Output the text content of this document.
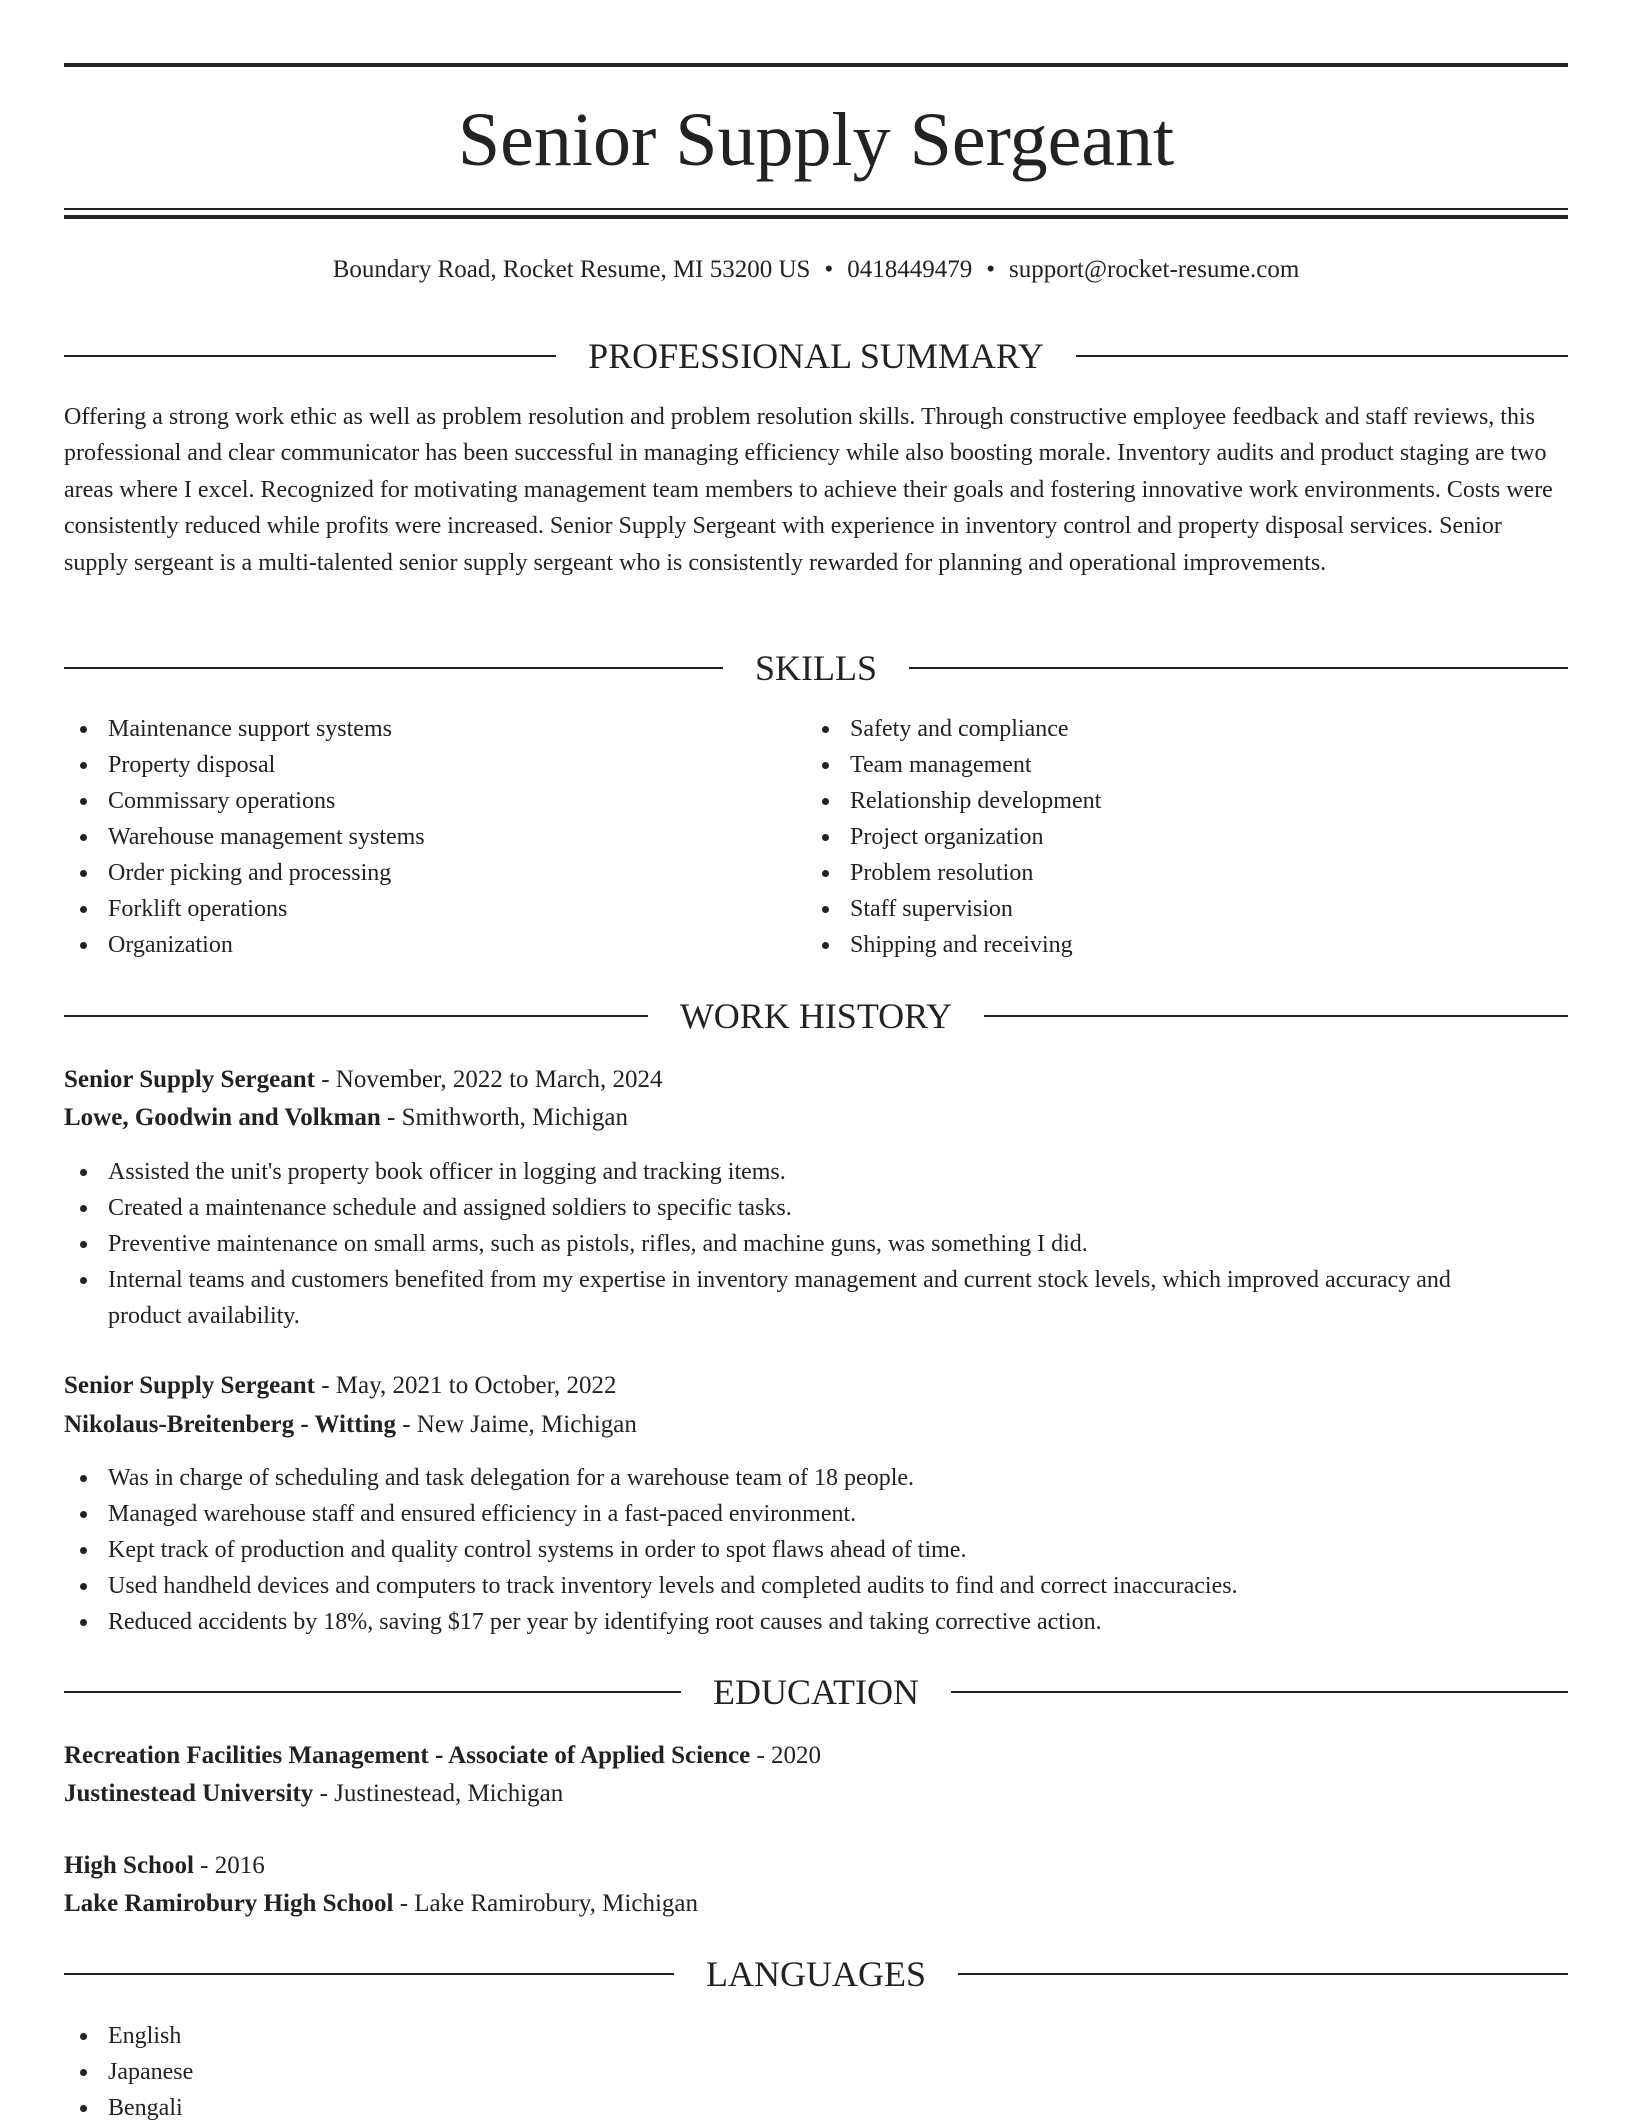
Senior Supply Sergeant
Boundary Road, Rocket Resume, MI 53200 US • 0418449479 • support@rocket-resume.com
PROFESSIONAL SUMMARY

Offering a strong work ethic as well as problem resolution and problem resolution skills. Through constructive employee feedback and staff reviews, this professional and clear communicator has been successful in managing efficiency while also boosting morale. Inventory audits and product staging are two areas where I excel. Recognized for motivating management team members to achieve their goals and fostering innovative work environments. Costs were consistently reduced while profits were increased. Senior Supply Sergeant with experience in inventory control and property disposal services. Senior supply sergeant is a multi-talented senior supply sergeant who is consistently rewarded for planning and operational improvements.

SKILLS
Maintenance support systems
Property disposal
Commissary operations
Warehouse management systems
Order picking and processing
Forklift operations
Organization
Safety and compliance
Team management
Relationship development
Project organization
Problem resolution
Staff supervision
Shipping and receiving
WORK HISTORY
Senior Supply Sergeant - November, 2022 to March, 2024
Lowe, Goodwin and Volkman - Smithworth, Michigan
Assisted the unit's property book officer in logging and tracking items.
Created a maintenance schedule and assigned soldiers to specific tasks.
Preventive maintenance on small arms, such as pistols, rifles, and machine guns, was something I did.
Internal teams and customers benefited from my expertise in inventory management and current stock levels, which improved accuracy and product availability.
Senior Supply Sergeant - May, 2021 to October, 2022
Nikolaus-Breitenberg - Witting - New Jaime, Michigan
Was in charge of scheduling and task delegation for a warehouse team of 18 people.
Managed warehouse staff and ensured efficiency in a fast-paced environment.
Kept track of production and quality control systems in order to spot flaws ahead of time.
Used handheld devices and computers to track inventory levels and completed audits to find and correct inaccuracies.
Reduced accidents by 18%, saving $17 per year by identifying root causes and taking corrective action.
EDUCATION
Recreation Facilities Management - Associate of Applied Science - 2020
Justinestead University - Justinestead, Michigan
High School - 2016
Lake Ramirobury High School - Lake Ramirobury, Michigan
LANGUAGES
English
Japanese
Bengali
